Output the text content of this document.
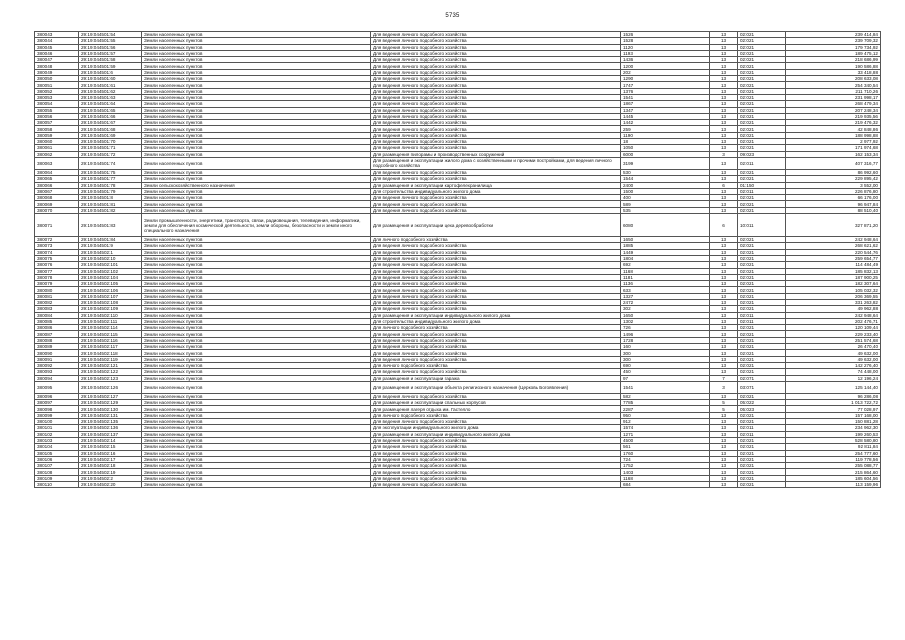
5735
380043	29:19:044501:54	Земли населенных пунктов	Для ведения личного подсобного хозяйства	1526	13	02:021	239 414,84
380044	29:19:044501:55	Земли населенных пунктов	Для ведения личного подсобного хозяйства	1528	13	02:021	239 709,32
380045	29:19:044501:56	Земли населенных пунктов	Для ведения личного подсобного хозяйства	1120	13	02:021	179 734,92
380046	29:19:044501:57	Земли населенных пунктов	Для ведения личного подсобного хозяйства	1193	13	02:021	189 475,12
380047	29:19:044501:58	Земли населенных пунктов	Для ведения личного подсобного хозяйства	1436	13	02:021	218 686,99
380048	29:19:044501:59	Земли населенных пунктов	Для ведения личного подсобного хозяйства	1200	13	02:021	190 586,88
380049	29:19:044501:6	Земли населенных пунктов	Для ведения личного подсобного хозяйства	202	13	02:021	33 418,88
380050	29:19:044501:60	Земли населенных пунктов	Для ведения личного подсобного хозяйства	1290	13	02:021	208 633,08
380051	29:19:044501:61	Земли населенных пунктов	Для ведения личного подсобного хозяйства	1747	13	02:021	254 340,54
380052	29:19:044501:62	Земли населенных пунктов	Для ведения личного подсобного хозяйства	1376	13	02:021	211 710,26
380053	29:19:044501:63	Земли населенных пунктов	Для ведения личного подсобного хозяйства	1541	13	02:021	231 998,17
380054	29:19:044501:64	Земли населенных пунктов	Для ведения личного подсобного хозяйства	1867	13	02:021	268 479,34
380055	29:19:044501:65	Земли населенных пунктов	Для ведения личного подсобного хозяйства	1347	13	02:021	207 248,34
380056	29:19:044501:66	Земли населенных пунктов	Для ведения личного подсобного хозяйства	1445	13	02:021	219 935,56
380057	29:19:044501:67	Земли населенных пунктов	Для ведения личного подсобного хозяйства	1442	13	02:021	219 476,32
380058	29:19:044501:68	Земли населенных пунктов	Для ведения личного подсобного хозяйства	259	13	02:021	42 848,86
380059	29:19:044501:69	Земли населенных пунктов	Для ведения личного подсобного хозяйства	1190	13	02:021	188 998,88
380060	29:19:044501:70	Земли населенных пунктов	Для ведения личного подсобного хозяйства	18	13	02:021	2 977,92
380061	29:19:044501:71	Земли населенных пунктов	Для ведения личного подсобного хозяйства	1050	13	02:021	171 974,68
380062	29:19:044501:72	Земли населенных пунктов	Для размещения пилорамы и производственных сооружений	6000	3	09:023	162 153,34
380063	29:19:044501:74	Земли населенных пунктов	Для размещения и эксплуатации жилого дома с хозяйственными и прочими постройками, для ведения личного подсобного хозяйства	3199	13	02:011	407 316,77
380064	29:19:044501:75	Земли населенных пунктов	Для ведения личного подсобного хозяйства	530	13	02:021	86 992,60
380065	29:19:044501:77	Земли населенных пунктов	Для ведения личного подсобного хозяйства	1544	13	02:021	229 895,42
380066	29:19:044501:78	Земли сельскохозяйственного назначения	Для размещения и эксплуатации картофелехранилища	2400	6	01:150	3 552,00
380067	29:19:044501:79	Земли населенных пунктов	Для строительства индивидуального жилого дома	1500	13	02:011	226 876,80
380068	29:19:044501:8	Земли населенных пунктов	Для ведения личного подсобного хозяйства	400	13	02:021	66 176,00
380069	29:19:044501:81	Земли населенных пунктов	Для ведения личного подсобного хозяйства	589	13	02:021	96 947,84
380070	29:19:044501:82	Земли населенных пунктов	Для ведения личного подсобного хозяйства	535	13	02:021	88 510,40
380071	29:19:044501:83	Земли промышленности, энергетики, транспорта, связи, радиовещания, телевидения, информатики, земли для обеспечения космической деятельности, земли обороны, безопасности и земли иного специального назначения	Для размещения и эксплуатации цеха деревообработки	6080	6	10:011	327 871,20
380072	29:19:044501:84	Земли населенных пунктов	Для личного подсобного хозяйства	1650	13	02:021	242 948,64
380073	29:19:044501:9	Земли населенных пунктов	Для ведения личного подсобного хозяйства	1885	13	02:021	268 621,62
380074	29:19:044502:1	Земли населенных пунктов	Для ведения личного подсобного хозяйства	1449	13	02:021	220 544,76
380075	29:19:044502:10	Земли населенных пунктов	Для ведения личного подсобного хозяйства	1804	13	02:021	259 654,77
380076	29:19:044502:101	Земли населенных пунктов	Для ведения личного подсобного хозяйства	692	13	02:021	114 484,49
380077	29:19:044502:102	Земли населенных пунктов	Для ведения личного подсобного хозяйства	1168	13	02:021	185 832,13
380078	29:19:044502:104	Земли населенных пунктов	Для ведения личного подсобного хозяйства	1181	13	02:021	187 900,25
380079	29:19:044502:105	Земли населенных пунктов	Для ведения личного подсобного хозяйства	1136	13	02:021	182 307,64
380080	29:19:044502:106	Земли населенных пунктов	Для ведения личного подсобного хозяйства	633	13	02:021	105 032,32
380081	29:19:044502:107	Земли населенных пунктов	Для ведения личного подсобного хозяйства	1327	13	02:021	206 369,55
380082	29:19:044502:108	Земли населенных пунктов	Для ведения личного подсобного хозяйства	2472	13	02:021	331 263,82
380083	29:19:044502:109	Земли населенных пунктов	Для ведения личного подсобного хозяйства	302	13	02:021	49 962,88
380084	29:19:044502:110	Земли населенных пунктов	Для размещения и эксплуатации индивидуального жилого дома	1650	13	02:011	242 948,64
380085	29:19:044502:111	Земли населенных пунктов	Для строительства индивидуального жилого дома	1302	13	02:011	202 476,71
380086	29:19:044502:114	Земли населенных пунктов	Для личного подсобного хозяйства	726	13	02:021	120 109,44
380087	29:19:044502:115	Земли населенных пунктов	Для ведения личного подсобного хозяйства	1496	13	02:021	229 233,40
380088	29:19:044502:116	Земли населенных пунктов	Для ведения личного подсобного хозяйства	1728	13	02:021	251 574,68
380089	29:19:044502:117	Земли населенных пунктов	Для ведения личного подсобного хозяйства	160	13	02:021	26 470,40
380090	29:19:044502:118	Земли населенных пунктов	Для ведения личного подсобного хозяйства	300	13	02:021	49 632,00
380091	29:19:044502:119	Земли населенных пунктов	Для ведения личного подсобного хозяйства	300	13	02:021	49 632,00
380092	29:19:044502:121	Земли населенных пунктов	Для личного подсобного хозяйства	690	13	02:021	142 276,40
380093	29:19:044502:122	Земли населенных пунктов	Для ведения личного подсобного хозяйства	450	13	02:021	74 448,00
380094	29:19:044502:123	Земли населенных пунктов	Для размещения и эксплуатации гаража	97	7	02:071	12 196,24
380095	29:19:044502:126	Земли населенных пунктов	Для размещения и эксплуатации объекта религиозного назначения (Церковь Богоявления)	1541	3	03:071	125 144,40
380096	29:19:044502:127	Земли населенных пунктов	Для ведения личного подсобного хозяйства	582	13	02:021	96 286,08
380097	29:19:044502:129	Земли населенных пунктов	Для размещения и эксплуатации спальных корпусов	7785	5	05:022	1 013 722,72
380098	29:19:044502:130	Земли населенных пунктов	Для размещения лагеря отдыха им. Гастелло	2287	5	05:023	77 028,97
380099	29:19:044502:131	Земли населенных пунктов	Для личного подсобного хозяйства	950	13	02:021	157 168,00
380100	29:19:044502:135	Земли населенных пунктов	Для ведения личного подсобного хозяйства	912	13	02:021	150 881,28
380101	29:19:044502:136	Земли населенных пунктов	Для эксплуатации индивидуального жилого дома	1574	13	02:011	234 962,30
380102	29:19:044502:137	Земли населенных пунктов	Для размещения и эксплуатации индивидуального жилого дома	1271	13	02:011	199 260,53
380103	29:19:044502:14	Земли населенных пунктов	Для ведения личного подсобного хозяйства	4500	13	02:021	528 580,80
380104	29:19:044502:15	Земли населенных пунктов	Для ведения личного подсобного хозяйства	561	13	02:021	92 811,84
380105	29:19:044502:16	Земли населенных пунктов	Для ведения личного подсобного хозяйства	1760	13	02:021	254 777,60
380106	29:19:044502:17	Земли населенных пунктов	Для ведения личного подсобного хозяйства	724	13	02:021	119 778,56
380107	29:19:044502:18	Земли населенных пунктов	Для ведения личного подсобного хозяйства	1752	13	02:021	255 088,77
380108	29:19:044502:19	Земли населенных пунктов	Для ведения личного подсобного хозяйства	1403	13	02:021	215 864,60
380109	29:19:044502:2	Земли населенных пунктов	Для ведения личного подсобного хозяйства	1168	13	02:021	185 604,56
380110	29:19:044502:20	Земли населенных пунктов	Для ведения личного подсобного хозяйства	684	13	02:021	113 159,96
